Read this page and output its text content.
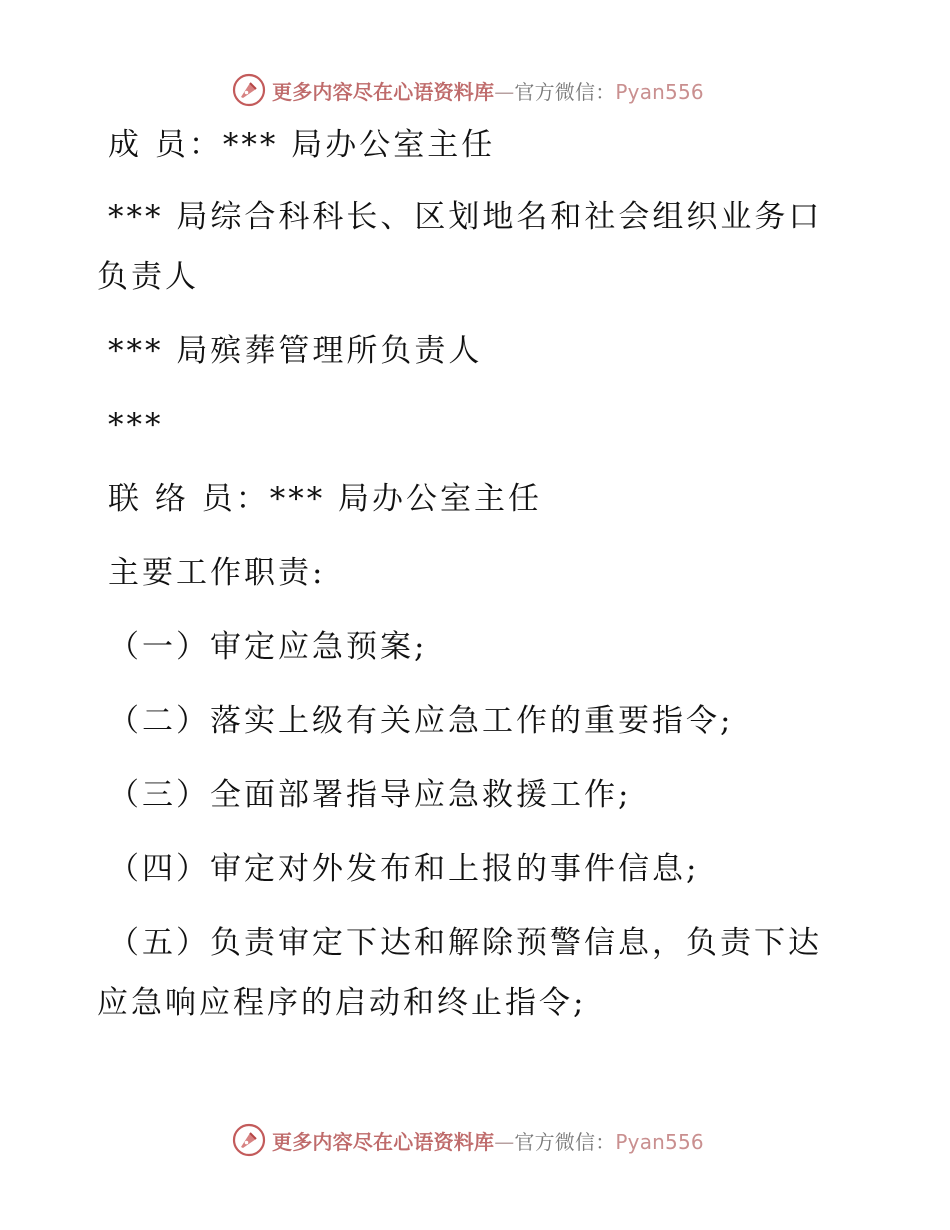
更多内容尽在心语资料库—官方微信：Pyan556
成 员：*** 局办公室主任
*** 局综合科科长、区划地名和社会组织业务口
负责人
*** 局殡葬管理所负责人
***
联 络 员：*** 局办公室主任
主要工作职责:
（一）审定应急预案;
（二）落实上级有关应急工作的重要指令;
（三）全面部署指导应急救援工作;
（四）审定对外发布和上报的事件信息;
（五）负责审定下达和解除预警信息，负责下达
应急响应程序的启动和终止指令;
更多内容尽在心语资料库—官方微信：Pyan556
